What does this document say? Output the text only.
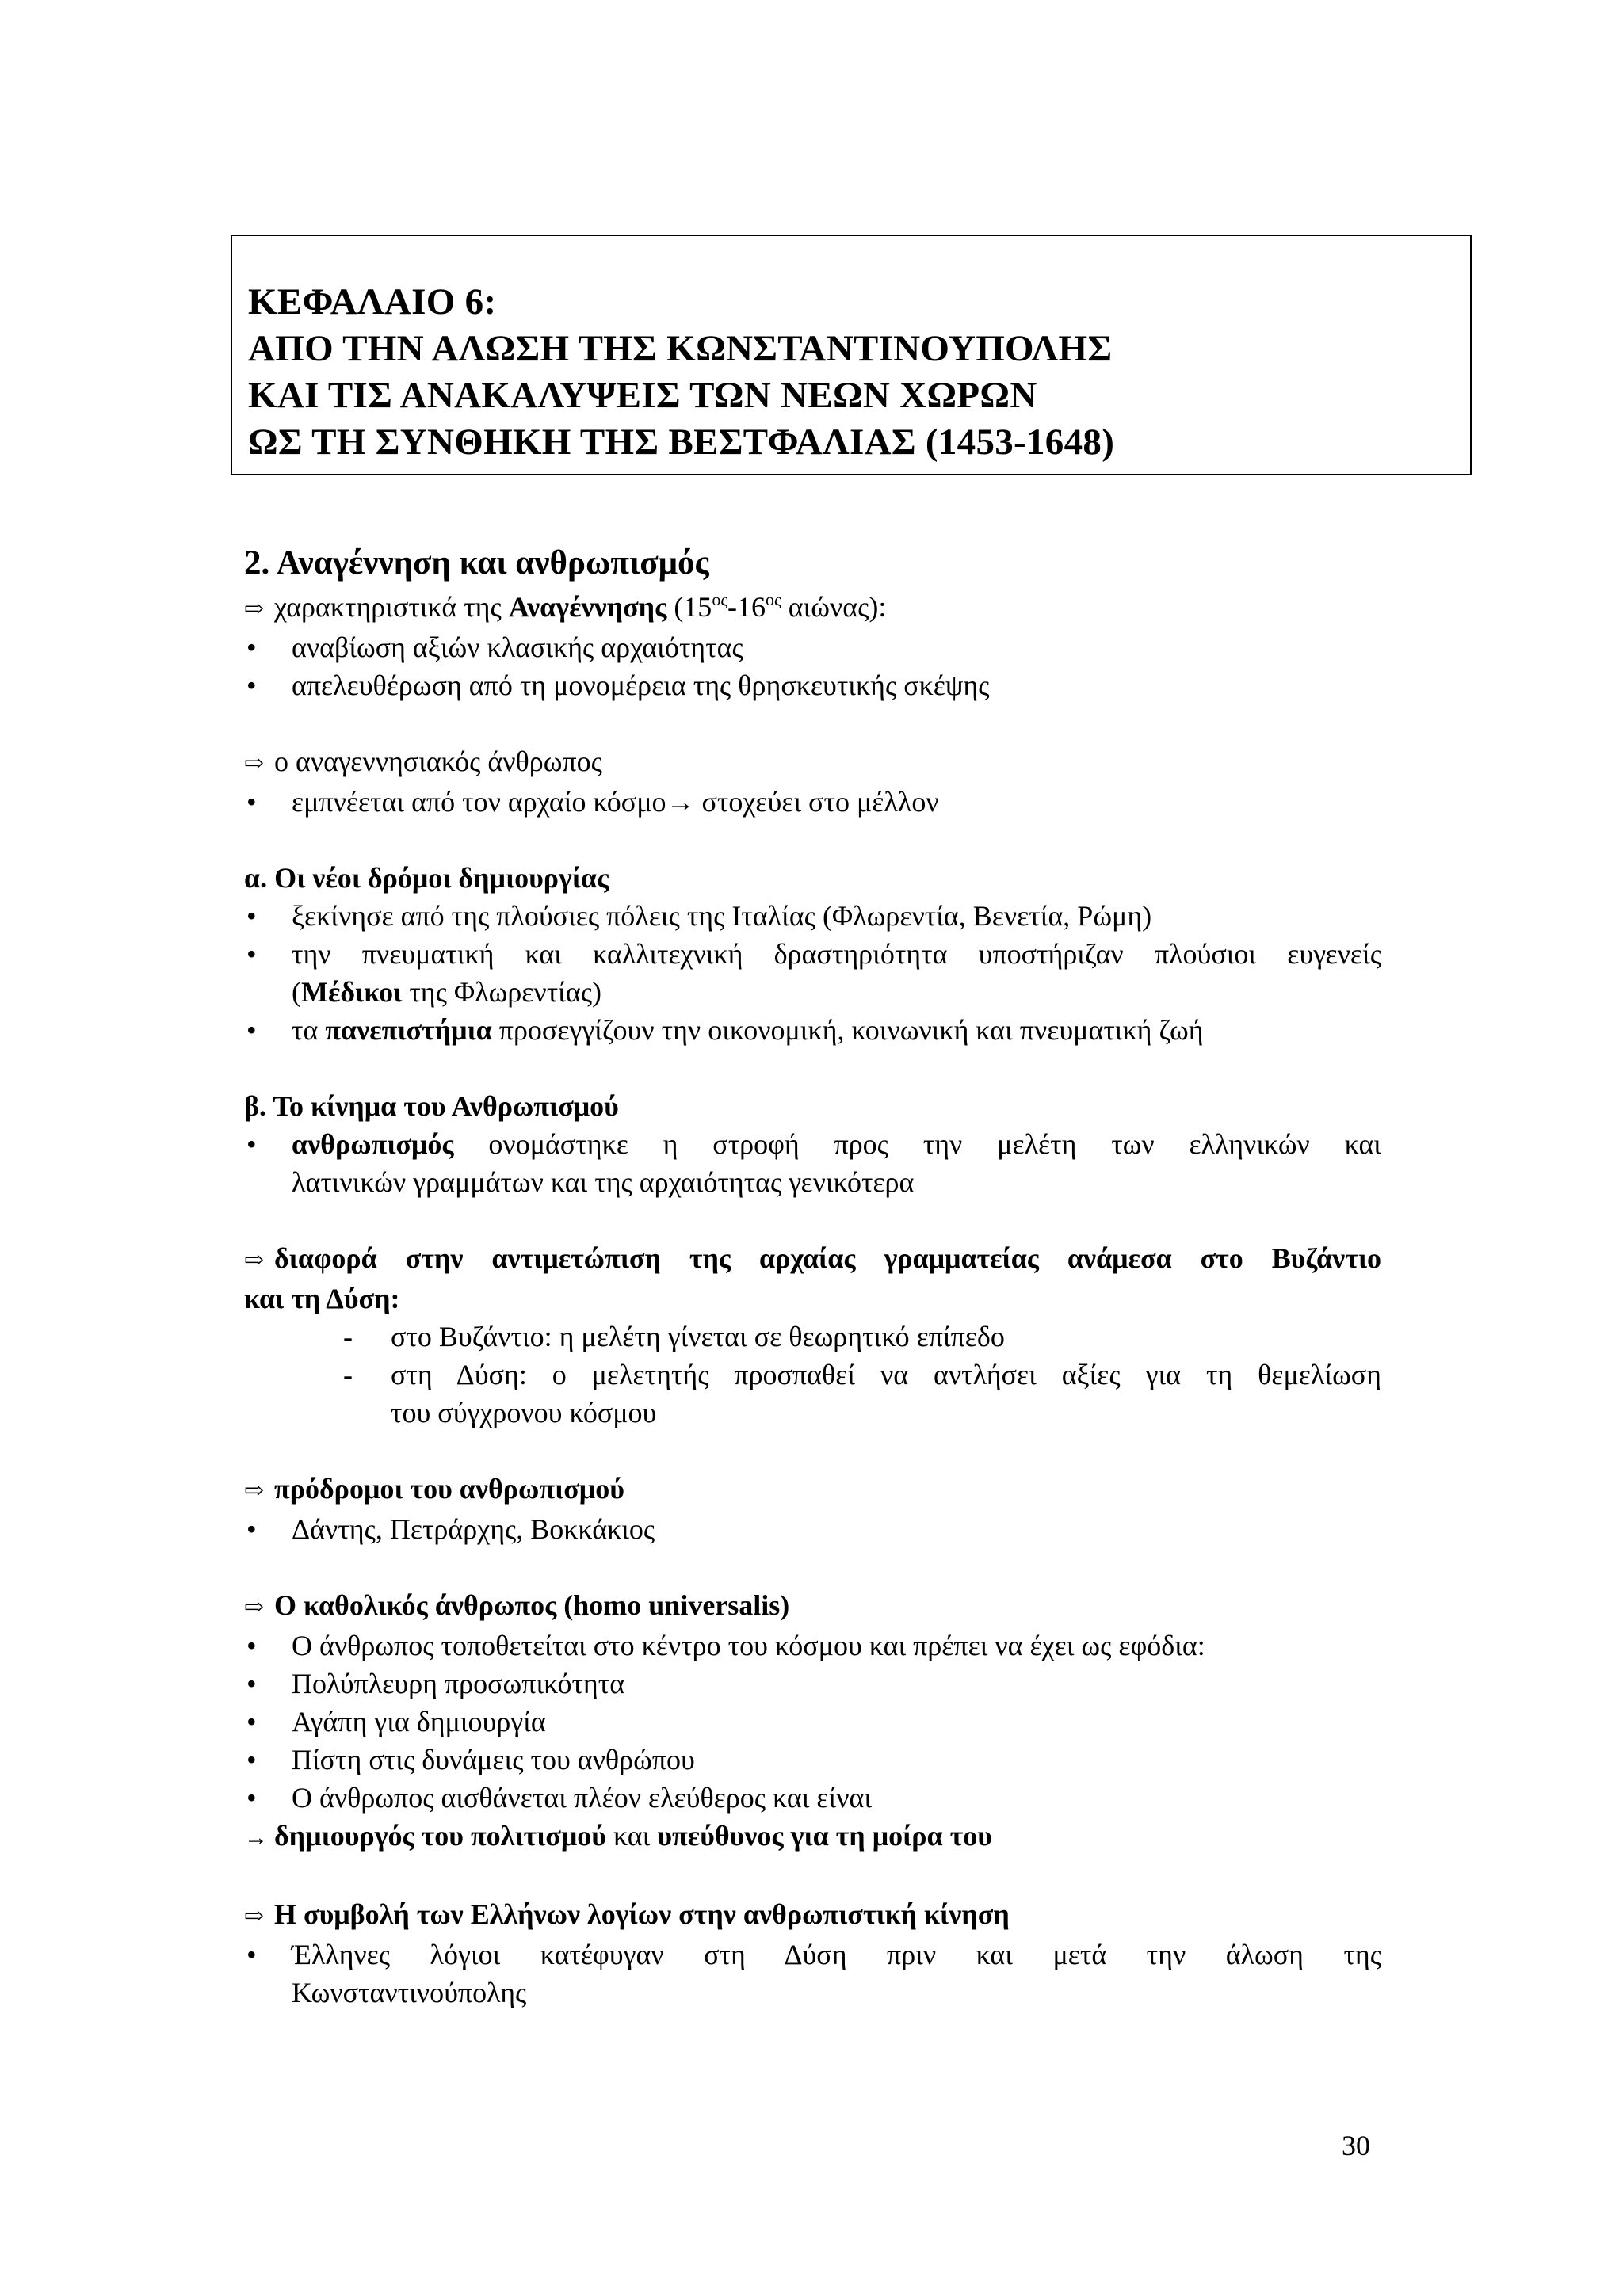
ΚΕΦΑΛΑΙΟ 6:
ΑΠΟ ΤΗΝ ΑΛΩΣΗ ΤΗΣ ΚΩΝΣΤΑΝΤΙΝΟΥΠΟΛΗΣ
ΚΑΙ ΤΙΣ ΑΝΑΚΑΛΥΨΕΙΣ ΤΩΝ ΝΕΩΝ ΧΩΡΩΝ
ΩΣ ΤΗ ΣΥΝΘΗΚΗ ΤΗΣ ΒΕΣΤΦΑΛΙΑΣ (1453-1648)
2. Αναγέννηση και ανθρωπισμός
⇨ χαρακτηριστικά της Αναγέννησης ($15^{o\varsigma}-16^{o\varsigma}$ αιώνας):
•
αναβίωση αξιών κλασικής αρχαιότητας
•
απελευθέρωση από τη μονομέρεια της θρησκευτικής σκέψης
⇨ ο αναγεννησιακός άνθρωπος
•
εμπνέεται από τον αρχαίο κόσμο→ στοχεύει στο μέλλον
α. Οι νέοι δρόμοι δημιουργίας
•
ξεκίνησε από της πλούσιες πόλεις της Ιταλίας (Φλωρεντία, Βενετία, Ρώμη)
•
την πνευματική και καλλιτεχνική δραστηριότητα υποστήριζαν πλούσιοι ευγενείς
(Μέδικοι της Φλωρεντίας)
•
τα πανεπιστήμια προσεγγίζουν την οικονομική, κοινωνική και πνευματική ζωή
β. Το κίνημα του Ανθρωπισμού
•
ανθρωπισμός ονομάστηκε η στροφή προς την μελέτη των ελληνικών και
λατινικών γραμμάτων και της αρχαιότητας γενικότερα
⇨ διαφορά στην αντιμετώπιση της αρχαίας γραμματείας ανάμεσα στο Βυζάντιο
και τη Δύση:
-	στο Βυζάντιο: η μελέτη γίνεται σε θεωρητικό επίπεδο
-	στη Δύση: ο μελετητής προσπαθεί να αντλήσει αξίες για τη θεμελίωση
του σύγχρονου κόσμου
⇨ πρόδρομοι του ανθρωπισμού
•
Δάντης, Πετράρχης, Βοκκάκιος
⇨ Ο καθολικός άνθρωπος (homo universalis)
•
Ο άνθρωπος τοποθετείται στο κέντρο του κόσμου και πρέπει να έχει ως εφόδια:
•
Πολύπλευρη προσωπικότητα
•
Αγάπη για δημιουργία
•
Πίστη στις δυνάμεις του ανθρώπου
•
Ο άνθρωπος αισθάνεται πλέον ελεύθερος και είναι
→ δημιουργός του πολιτισμού και υπεύθυνος για τη μοίρα του
⇨ Η συμβολή των Ελλήνων λογίων στην ανθρωπιστική κίνηση
•
Έλληνες λόγιοι κατέφυγαν στη Δύση πριν και μετά την άλωση της
Κωνσταντινούπολης
30
